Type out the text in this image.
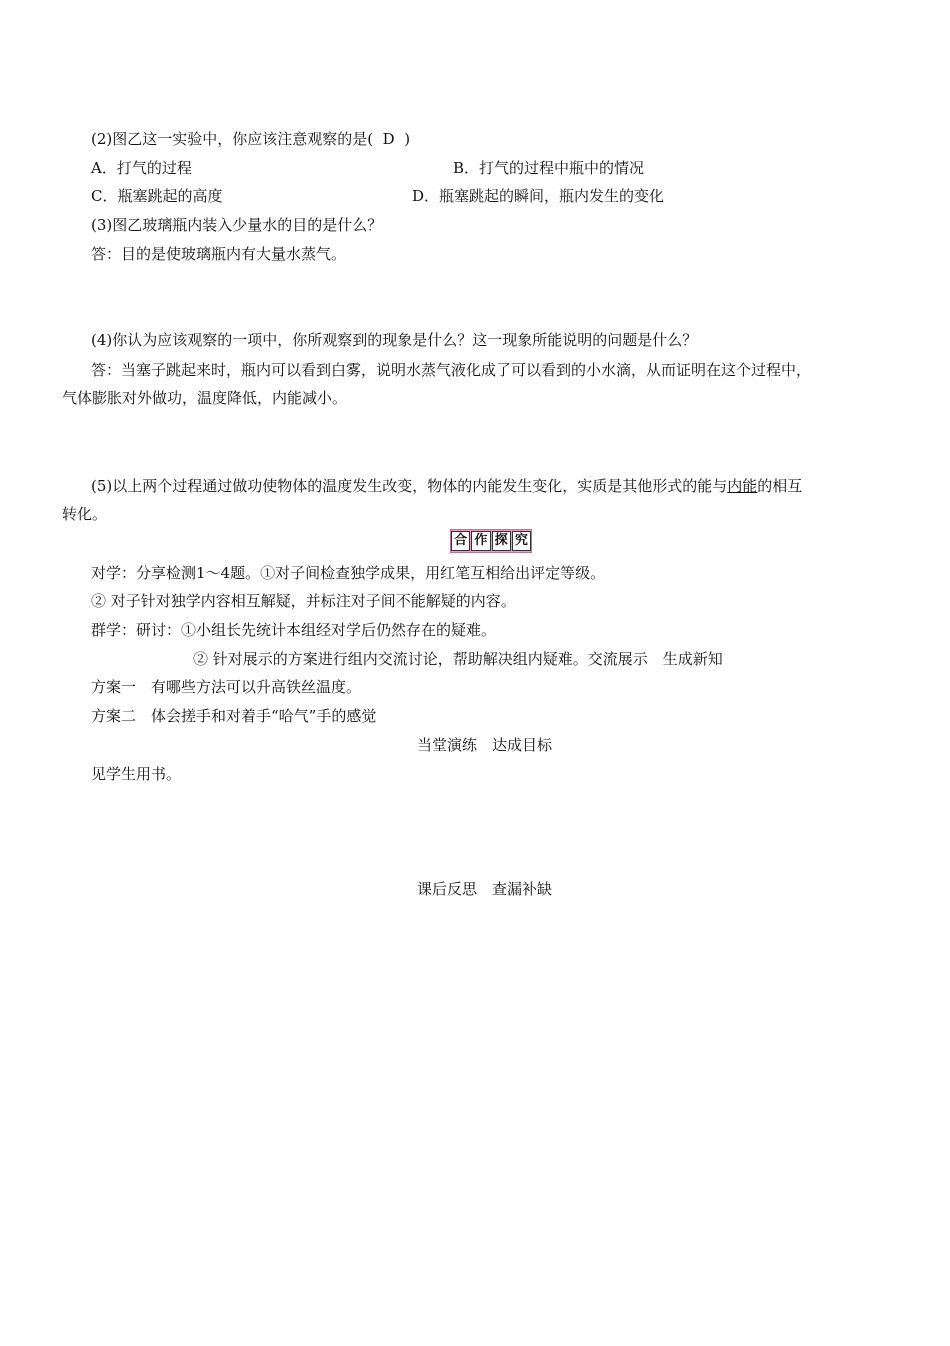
(2)图乙这一实验中，你应该注意观察的是(  D  )
A．打气的过程	B．打气的过程中瓶中的情况
C．瓶塞跳起的高度	D．瓶塞跳起的瞬间，瓶内发生的变化
(3)图乙玻璃瓶内装入少量水的目的是什么？
答：目的是使玻璃瓶内有大量水蒸气。
(4)你认为应该观察的一项中，你所观察到的现象是什么？这一现象所能说明的问题是什么？
答：当塞子跳起来时，瓶内可以看到白雾，说明水蒸气液化成了可以看到的小水滴，从而证明在这个过程中，
气体膨胀对外做功，温度降低，内能减小。
(5)以上两个过程通过做功使物体的温度发生改变，物体的内能发生变化，实质是其他形式的能与内能的相互
转化。
合 作 探 究
对学：分享检测1～4题。①对子间检查独学成果，用红笔互相给出评定等级。
② 对子针对独学内容相互解疑，并标注对子间不能解疑的内容。
群学：研讨：①小组长先统计本组经对学后仍然存在的疑难。
② 针对展示的方案进行组内交流讨论，帮助解决组内疑难。交流展示　生成新知
方案一　有哪些方法可以升高铁丝温度。
方案二　体会搓手和对着手“哈气”手的感觉
当堂演练　达成目标
见学生用书。
课后反思　查漏补缺
